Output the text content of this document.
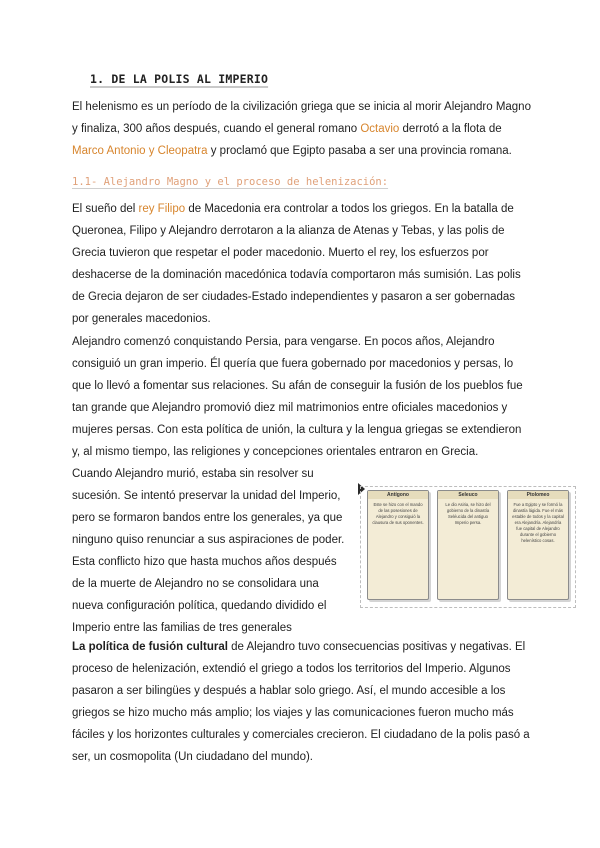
1. DE LA POLIS AL IMPERIO

El helenismo es un período de la civilización griega que se inicia al morir Alejandro Magno y finaliza, 300 años después, cuando el general romano Octavio derrotó a la flota de Marco Antonio y Cleopatra y proclamó que Egipto pasaba a ser una provincia romana.

1.1- Alejandro Magno y el proceso de helenización:

El sueño del rey Filipo de Macedonia era controlar a todos los griegos. En la batalla de Queronea, Filipo y Alejandro derrotaron a la alianza de Atenas y Tebas, y las polis de Grecia tuvieron que respetar el poder macedonio. Muerto el rey, los esfuerzos por deshacerse de la dominación macedónica todavía comportaron más sumisión. Las polis de Grecia dejaron de ser ciudades-Estado independientes y pasaron a ser gobernadas por generales macedonios.

Alejandro comenzó conquistando Persia, para vengarse. En pocos años, Alejandro consiguió un gran imperio. Él quería que fuera gobernado por macedonios y persas, lo que lo llevó a fomentar sus relaciones. Su afán de conseguir la fusión de los pueblos fue tan grande que Alejandro promovió diez mil matrimonios entre oficiales macedonios y mujeres persas. Con esta política de unión, la cultura y la lengua griegas se extendieron y, al mismo tiempo, las religiones y concepciones orientales entraron en Grecia.

Cuando Alejandro murió, estaba sin resolver su sucesión. Se intentó preservar la unidad del Imperio, pero se formaron bandos entre los generales, ya que ninguno quiso renunciar a sus aspiraciones de poder. Esta conflicto hizo que hasta muchos años después de la muerte de Alejandro no se consolidara una nueva configuración política, quedando dividido el Imperio entre las familias de tres generales

Antígono
Este se hizo con el mando de las posesiones de Alejandro y consiguió la clausura de sus oponentes.
Seleuco
Le dio Asiria, se hizo del gobierno de la dinastía Seléucida del antiguo Imperio persa.
Ptolomeo
Fue a Egipto y se formó la dinastía lágida. Fue el más estable de todos y la capital era Alejandría. Alejandría fue capital de Alejandro durante el gobierno helenístico cosas.

La política de fusión cultural de Alejandro tuvo consecuencias positivas y negativas. El proceso de helenización, extendió el griego a todos los territorios del Imperio. Algunos pasaron a ser bilingües y después a hablar solo griego. Así, el mundo accesible a los griegos se hizo mucho más amplio; los viajes y las comunicaciones fueron mucho más fáciles y los horizontes culturales y comerciales crecieron. El ciudadano de la polis pasó a ser, un cosmopolita (Un ciudadano del mundo).
